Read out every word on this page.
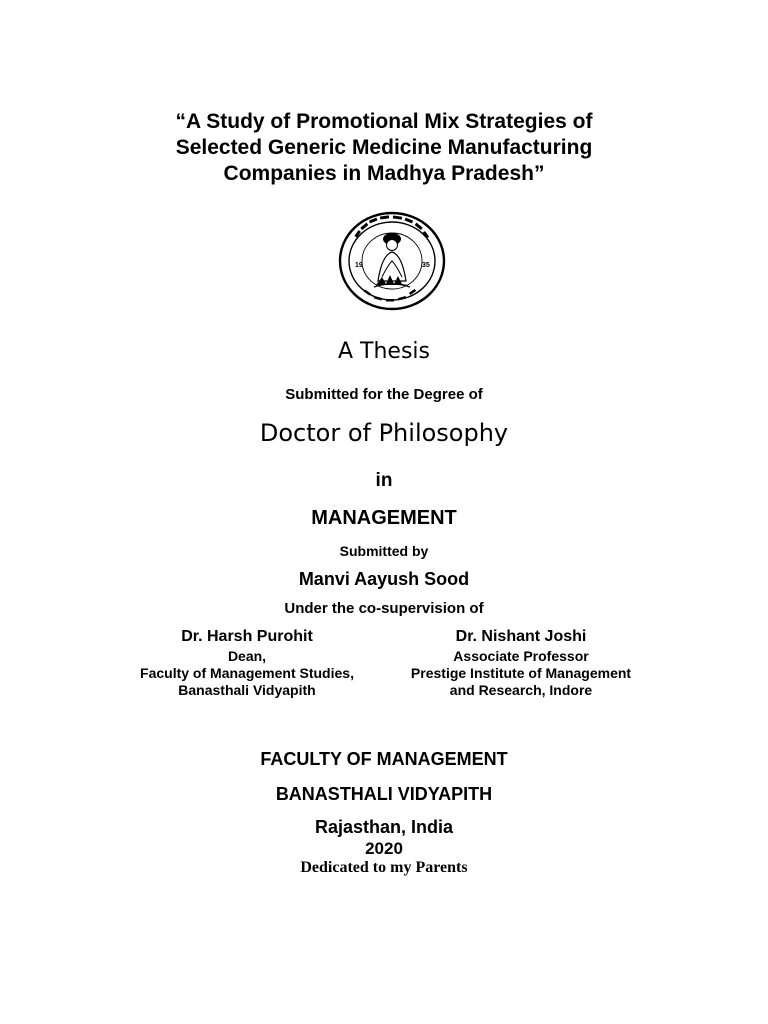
“A Study of Promotional Mix Strategies of
Selected Generic Medicine Manufacturing
Companies in Madhya Pradesh”
19	35
A Thesis
Submitted for the Degree of
Doctor of Philosophy
in
MANAGEMENT
Submitted by
Manvi Aayush Sood
Under the co-supervision of
Dr. Harsh Purohit
Dean,
Faculty of Management Studies,
Banasthali Vidyapith
Dr. Nishant Joshi
Associate Professor
Prestige Institute of Management
and Research, Indore
FACULTY OF MANAGEMENT
BANASTHALI VIDYAPITH
Rajasthan, India
2020
Dedicated to my Parents
